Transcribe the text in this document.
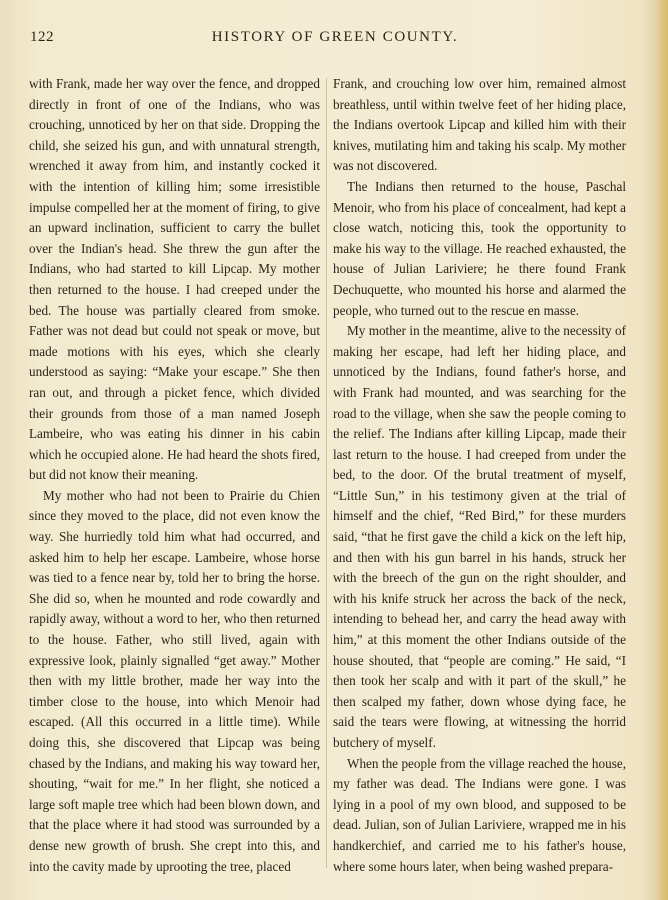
122	HISTORY OF GREEN COUNTY.

with Frank, made her way over the fence, and dropped directly in front of one of the Indians, who was crouching, unnoticed by her on that side. Dropping the child, she seized his gun, and with unnatural strength, wrenched it away from him, and instantly cocked it with the intention of killing him; some irresistible impulse compelled her at the moment of firing, to give an upward inclination, sufficient to carry the bullet over the Indian's head. She threw the gun after the Indians, who had started to kill Lipcap. My mother then returned to the house. I had creeped under the bed. The house was partially cleared from smoke. Father was not dead but could not speak or move, but made motions with his eyes, which she clearly understood as saying: “Make your escape.” She then ran out, and through a picket fence, which divided their grounds from those of a man named Joseph Lambeire, who was eating his dinner in his cabin which he occupied alone. He had heard the shots fired, but did not know their meaning.

My mother who had not been to Prairie du Chien since they moved to the place, did not even know the way. She hurriedly told him what had occurred, and asked him to help her escape. Lambeire, whose horse was tied to a fence near by, told her to bring the horse. She did so, when he mounted and rode cowardly and rapidly away, without a word to her, who then returned to the house. Father, who still lived, again with expressive look, plainly signalled “get away.” Mother then with my little brother, made her way into the timber close to the house, into which Menoir had escaped. (All this occurred in a little time). While doing this, she discovered that Lipcap was being chased by the Indians, and making his way toward her, shouting, “wait for me.” In her flight, she noticed a large soft maple tree which had been blown down, and that the place where it had stood was surrounded by a dense new growth of brush. She crept into this, and into the cavity made by uprooting the tree, placed

Frank, and crouching low over him, remained almost breathless, until within twelve feet of her hiding place, the Indians overtook Lipcap and killed him with their knives, mutilating him and taking his scalp. My mother was not discovered.

The Indians then returned to the house, Paschal Menoir, who from his place of concealment, had kept a close watch, noticing this, took the opportunity to make his way to the village. He reached exhausted, the house of Julian Lariviere; he there found Frank Dechuquette, who mounted his horse and alarmed the people, who turned out to the rescue en masse.

My mother in the meantime, alive to the necessity of making her escape, had left her hiding place, and unnoticed by the Indians, found father's horse, and with Frank had mounted, and was searching for the road to the village, when she saw the people coming to the relief. The Indians after killing Lipcap, made their last return to the house. I had creeped from under the bed, to the door. Of the brutal treatment of myself, “Little Sun,” in his testimony given at the trial of himself and the chief, “Red Bird,” for these murders said, “that he first gave the child a kick on the left hip, and then with his gun barrel in his hands, struck her with the breech of the gun on the right shoulder, and with his knife struck her across the back of the neck, intending to behead her, and carry the head away with him,” at this moment the other Indians outside of the house shouted, that “people are coming.” He said, “I then took her scalp and with it part of the skull,” he then scalped my father, down whose dying face, he said the tears were flowing, at witnessing the horrid butchery of myself.

When the people from the village reached the house, my father was dead. The Indians were gone. I was lying in a pool of my own blood, and supposed to be dead. Julian, son of Julian Lariviere, wrapped me in his handkerchief, and carried me to his father's house, where some hours later, when being washed prepara-
